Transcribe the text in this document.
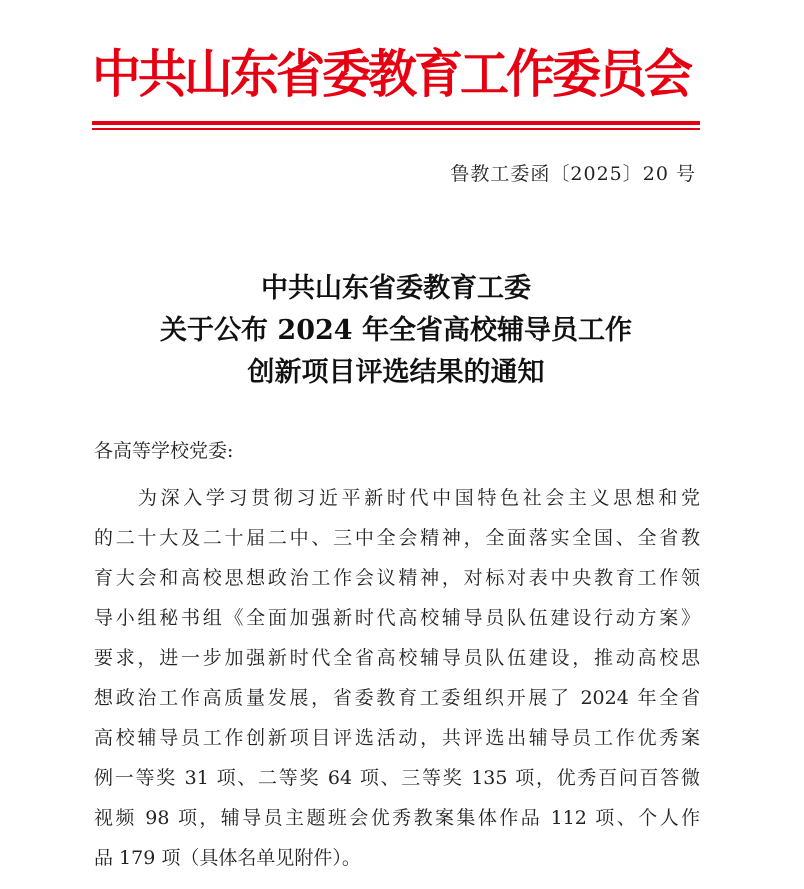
中共山东省委教育工作委员会
鲁教工委函〔2025〕20 号
中共山东省委教育工委
关于公布 2024 年全省高校辅导员工作
创新项目评选结果的通知
各高等学校党委:
为深入学习贯彻习近平新时代中国特色社会主义思想和党
的二十大及二十届二中、三中全会精神，全面落实全国、全省教
育大会和高校思想政治工作会议精神，对标对表中央教育工作领
导小组秘书组《全面加强新时代高校辅导员队伍建设行动方案》
要求，进一步加强新时代全省高校辅导员队伍建设，推动高校思
想政治工作高质量发展，省委教育工委组织开展了 2024 年全省
高校辅导员工作创新项目评选活动，共评选出辅导员工作优秀案
例一等奖 31 项、二等奖 64 项、三等奖 135 项，优秀百问百答微
视频 98 项，辅导员主题班会优秀教案集体作品 112 项、个人作
品 179 项（具体名单见附件）。
